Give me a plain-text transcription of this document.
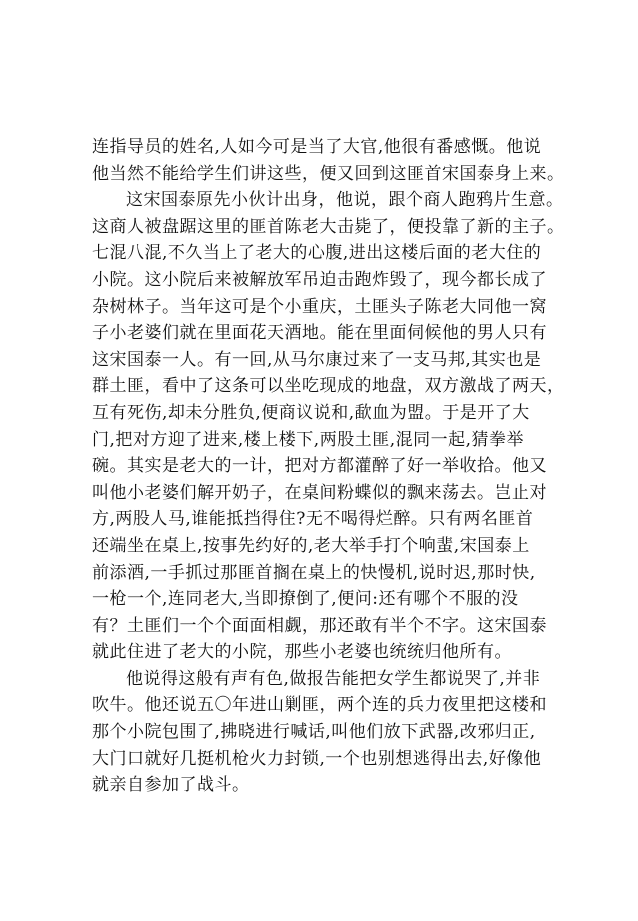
连指导员的姓名,人如今可是当了大官,他很有番感慨。他说
他当然不能给学生们讲这些，便又回到这匪首宋国泰身上来。
这宋国泰原先小伙计出身，他说，跟个商人跑鸦片生意。
这商人被盘踞这里的匪首陈老大击毙了，便投靠了新的主子。
七混八混,不久当上了老大的心腹,进出这楼后面的老大住的
小院。这小院后来被解放军吊迫击跑炸毁了，现今都长成了
杂树林子。当年这可是个小重庆，土匪头子陈老大同他一窝
子小老婆们就在里面花天酒地。能在里面伺候他的男人只有
这宋国泰一人。有一回,从马尔康过来了一支马邦,其实也是
群土匪，看中了这条可以坐吃现成的地盘，双方激战了两天，
互有死伤,却未分胜负,便商议说和,歃血为盟。于是开了大
门,把对方迎了进来,楼上楼下,两股土匪,混同一起,猜拳举
碗。其实是老大的一计，把对方都灌醉了好一举收拾。他又
叫他小老婆们解开奶子，在桌间粉蝶似的飘来荡去。岂止对
方,两股人马,谁能抵挡得住?无不喝得烂醉。只有两名匪首
还端坐在桌上,按事先约好的,老大举手打个响蜚,宋国泰上
前添酒,一手抓过那匪首搁在桌上的快慢机,说时迟,那时快,
一枪一个,连同老大,当即撩倒了,便问:还有哪个不服的没
有？土匪们一个个面面相觑，那还敢有半个不字。这宋国泰
就此住进了老大的小院，那些小老婆也统统归他所有。
他说得这般有声有色,做报告能把女学生都说哭了,并非
吹牛。他还说五〇年进山剿匪，两个连的兵力夜里把这楼和
那个小院包围了,拂晓进行喊话,叫他们放下武器,改邪归正,
大门口就好几挺机枪火力封锁,一个也别想逃得出去,好像他
就亲自参加了战斗。
